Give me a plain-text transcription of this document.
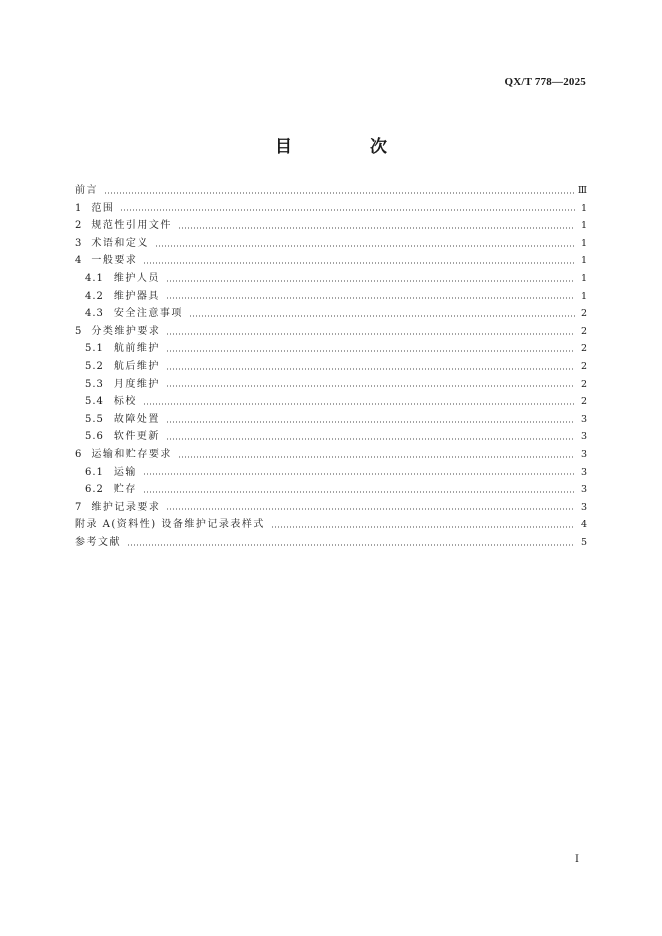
QX/T 778—2025
目 次
前言	Ⅲ
1 范围	1
2 规范性引用文件	1
3 术语和定义	1
4 一般要求	1
4.1 维护人员	1
4.2 维护器具	1
4.3 安全注意事项	2
5 分类维护要求	2
5.1 航前维护	2
5.2 航后维护	2
5.3 月度维护	2
5.4 标校	2
5.5 故障处置	3
5.6 软件更新	3
6 运输和贮存要求	3
6.1 运输	3
6.2 贮存	3
7 维护记录要求	3
附录 A(资料性) 设备维护记录表样式	4
参考文献	5
Ⅰ
